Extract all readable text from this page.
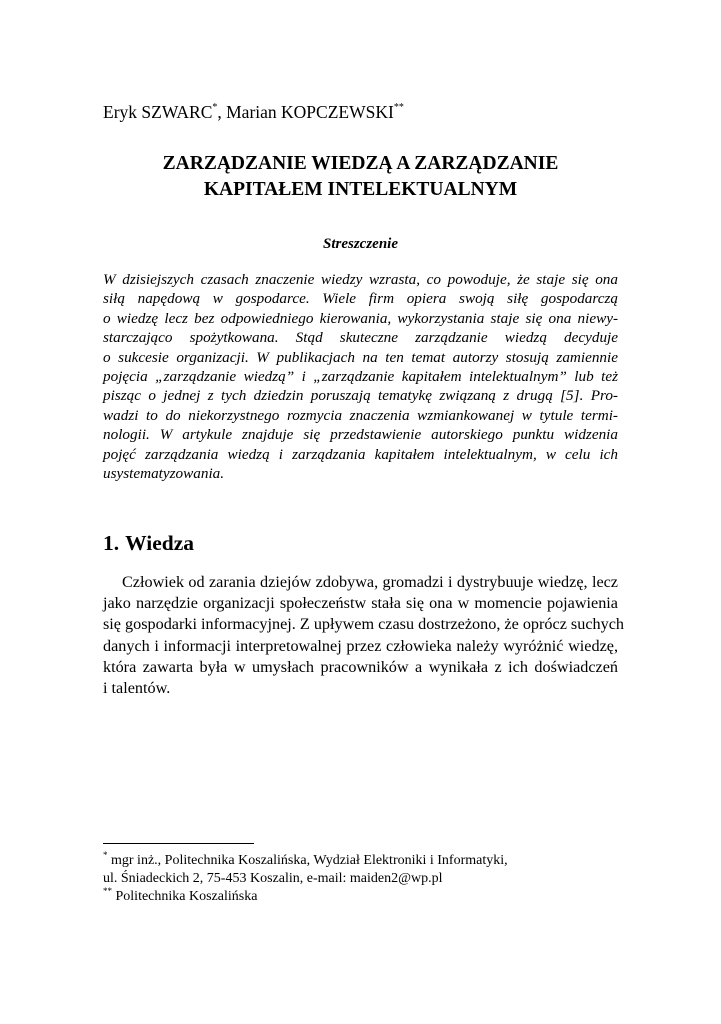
Eryk SZWARC*, Marian KOPCZEWSKI**
ZARZĄDZANIE WIEDZĄ A ZARZĄDZANIE
KAPITAŁEM INTELEKTUALNYM
Streszczenie
W dzisiejszych czasach znaczenie wiedzy wzrasta, co powoduje, że staje się ona
siłą napędową w gospodarce. Wiele firm opiera swoją siłę gospodarczą
o wiedzę lecz bez odpowiedniego kierowania, wykorzystania staje się ona niewy-
starczająco spożytkowana. Stąd skuteczne zarządzanie wiedzą decyduje
o sukcesie organizacji. W publikacjach na ten temat autorzy stosują zamiennie
pojęcia „zarządzanie wiedzą” i „zarządzanie kapitałem intelektualnym” lub też
pisząc o jednej z tych dziedzin poruszają tematykę związaną z drugą [5]. Pro-
wadzi to do niekorzystnego rozmycia znaczenia wzmiankowanej w tytule termi-
nologii. W artykule znajduje się przedstawienie autorskiego punktu widzenia
pojęć zarządzania wiedzą i zarządzania kapitałem intelektualnym, w celu ich
usystematyzowania.
1. Wiedza
Człowiek od zarania dziejów zdobywa, gromadzi i dystrybuuje wiedzę, lecz
jako narzędzie organizacji społeczeństw stała się ona w momencie pojawienia
się gospodarki informacyjnej. Z upływem czasu dostrzeżono, że oprócz suchych
danych i informacji interpretowalnej przez człowieka należy wyróżnić wiedzę,
która zawarta była w umysłach pracowników a wynikała z ich doświadczeń
i talentów.
* mgr inż., Politechnika Koszalińska, Wydział Elektroniki i Informatyki,
ul. Śniadeckich 2, 75-453 Koszalin, e-mail: maiden2@wp.pl
** Politechnika Koszalińska
